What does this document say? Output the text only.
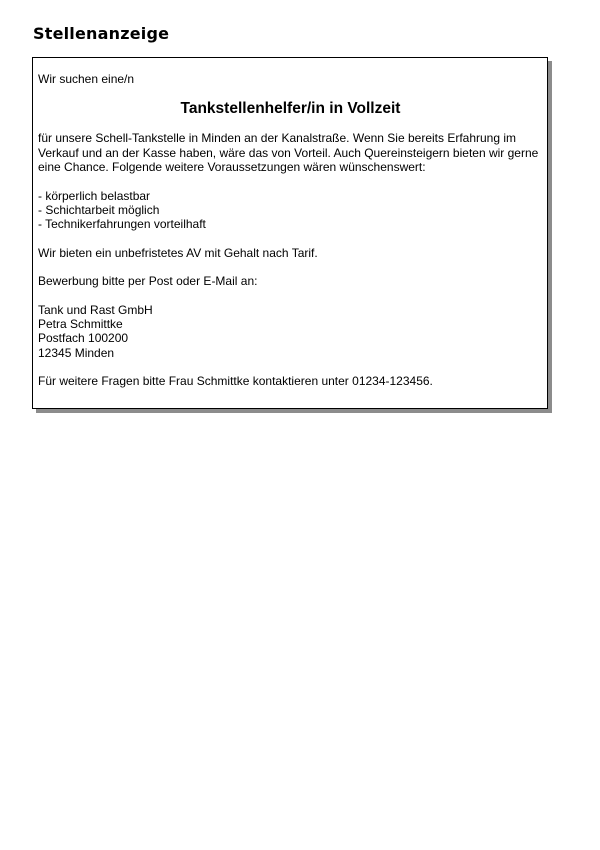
Stellenanzeige

Wir suchen eine/n

Tankstellenhelfer/in in Vollzeit

für unsere Schell-Tankstelle in Minden an der Kanalstraße. Wenn Sie bereits Erfahrung im Verkauf und an der Kasse haben, wäre das von Vorteil. Auch Quereinsteigern bieten wir gerne eine Chance. Folgende weitere Voraussetzungen wären wünschenswert:

- körperlich belastbar
- Schichtarbeit möglich
- Technikerfahrungen vorteilhaft

Wir bieten ein unbefristetes AV mit Gehalt nach Tarif.

Bewerbung bitte per Post oder E-Mail an:

Tank und Rast GmbH
Petra Schmittke
Postfach 100200
12345 Minden

Für weitere Fragen bitte Frau Schmittke kontaktieren unter 01234-123456.
